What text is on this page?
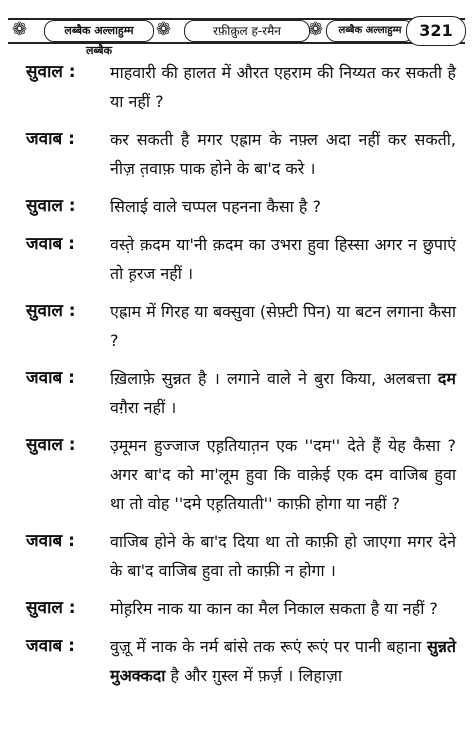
❁	लब्बैक अल्लाहुम्म लब्बैक
❁	रफ़ीक़ुल ह-रमैन	❁	लब्बैक अल्लाहुम्म	321
सुवाल :	माहवारी की हालत में औरत एहराम की निय्यत कर सकती है या नहीं ?
जवाब :	कर सकती है मगर एह्राम के नफ़्ल अदा नहीं कर सकती, नीज़ त़वाफ़ पाक होने के बा'द करे ।
सुवाल :	सिलाई वाले चप्पल पहनना कैसा है ?
जवाब :	वस्त़े क़दम या'नी क़दम का उभरा हुवा हिस्सा अगर न छुपाएं तो ह़रज नहीं ।
सुवाल :	एह्राम में गिरह या बक्सुवा (सेफ़्टी पिन) या बटन लगाना कैसा ?
जवाब :	ख़िलाफ़े सुन्नत है । लगाने वाले ने बुरा किया, अलबत्ता दम वग़ैरा नहीं ।
सुवाल :	उ़मूमन हुज्जाज एह़तियात़न एक ''दम'' देते हैं येह कैसा ? अगर बा'द को मा'लूम हुवा कि वाक़ेई एक दम वाजिब हुवा था तो वोह ''दमे एह़तियाती'' काफ़ी होगा या नहीं ?
जवाब :	वाजिब होने के बा'द दिया था तो काफ़ी हो जाएगा मगर देने के बा'द वाजिब हुवा तो काफ़ी न होगा ।
सुवाल :	मोह़रिम नाक या कान का मैल निकाल सकता है या नहीं ?
जवाब :	वुज़ू में नाक के नर्म बांसे तक रूएं रूएं पर पानी बहाना सुन्नते मुअक्कदा है और ग़ुस्ल में फ़र्ज़ । लिहाज़ा
